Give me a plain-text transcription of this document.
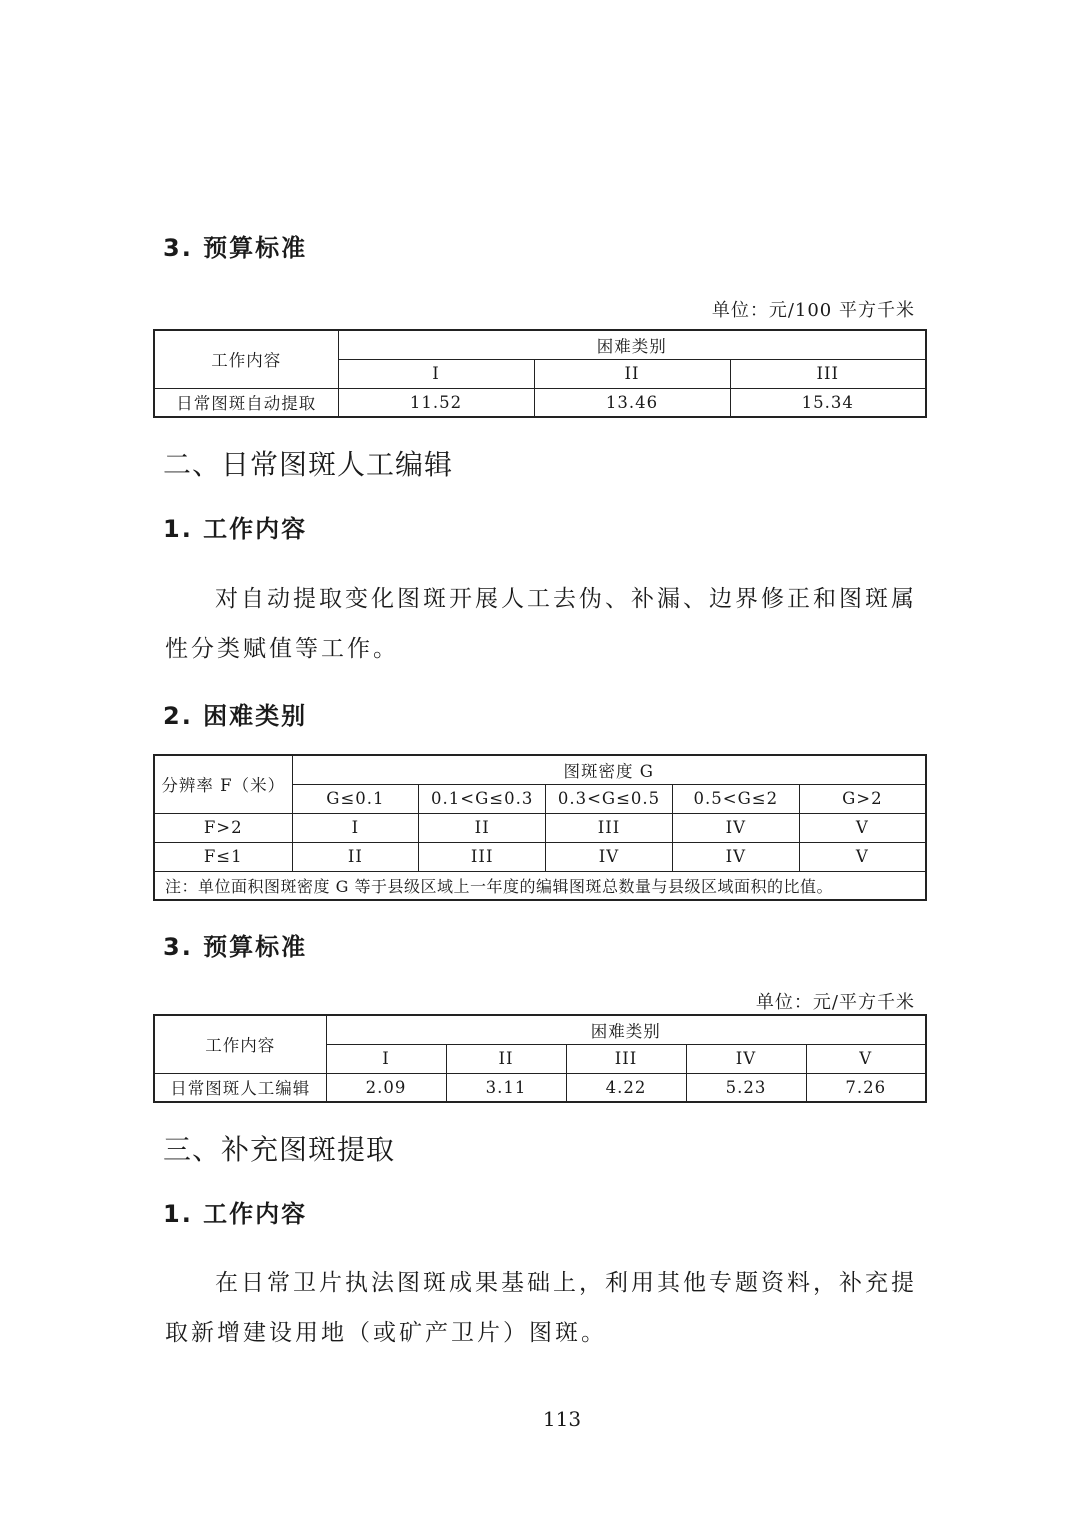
3. 预算标准
单位：元/100 平方千米
工作内容	困难类别		
	I	II	III
日常图斑自动提取	11.52	13.46	15.34
二、日常图斑人工编辑
1. 工作内容
对自动提取变化图斑开展人工去伪、补漏、边界修正和图斑属性分类赋值等工作。
2. 困难类别
分辨率 F（米）	图斑密度 G				
	G≤0.1	0.1<G≤0.3	0.3<G≤0.5	0.5<G≤2	G>2
F>2	I	II	III	IV	V
F≤1	II	III	IV	IV	V
注：单位面积图斑密度 G 等于县级区域上一年度的编辑图斑总数量与县级区域面积的比值。					
3. 预算标准
单位：元/平方千米
工作内容	困难类别				
	I	II	III	IV	V
日常图斑人工编辑	2.09	3.11	4.22	5.23	7.26
三、补充图斑提取
1. 工作内容
在日常卫片执法图斑成果基础上，利用其他专题资料，补充提取新增建设用地（或矿产卫片）图斑。
113
